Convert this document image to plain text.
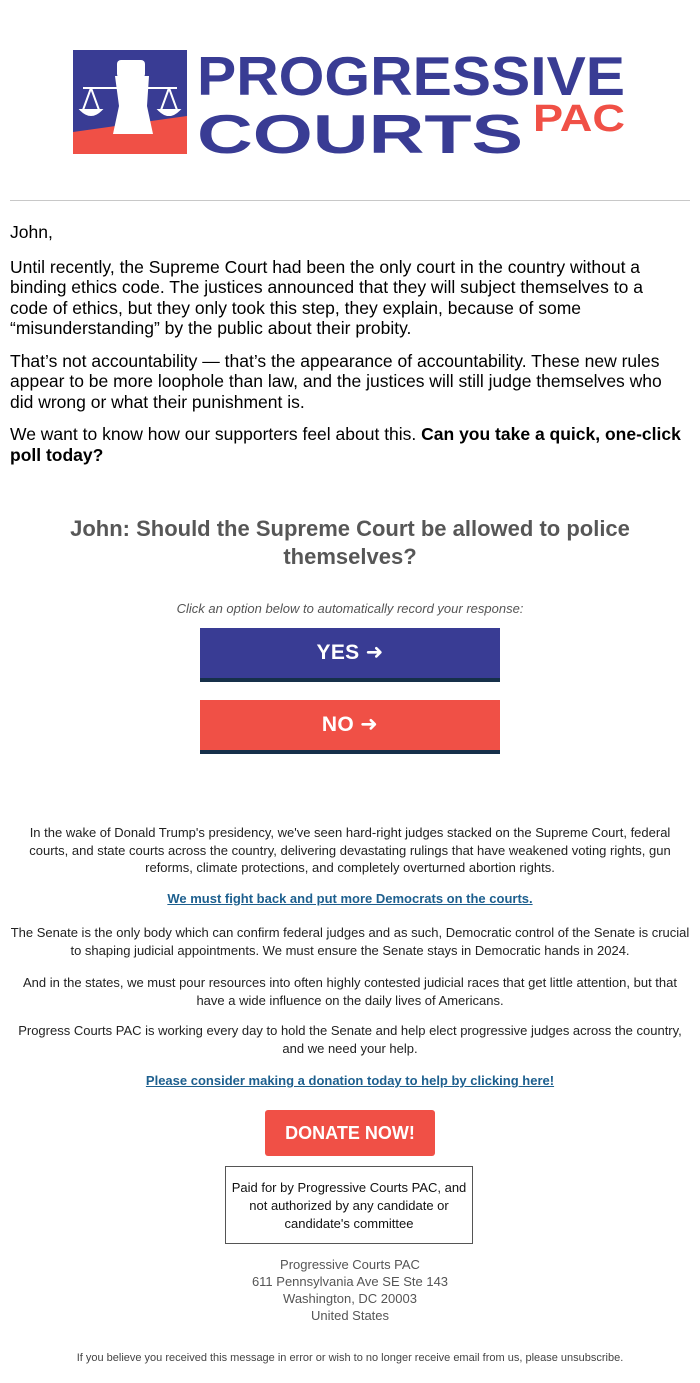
PROGRESSIVE
COURTS PAC

John,

Until recently, the Supreme Court had been the only court in the country without a binding ethics code. The justices announced that they will subject themselves to a code of ethics, but they only took this step, they explain, because of some “misunderstanding” by the public about their probity.

That’s not accountability — that’s the appearance of accountability. These new rules appear to be more loophole than law, and the justices will still judge themselves who did wrong or what their punishment is.

We want to know how our supporters feel about this. Can you take a quick, one-click poll today?

John: Should the Supreme Court be allowed to police themselves?
Click an option below to automatically record your response:
YES ➜
NO ➜
In the wake of Donald Trump's presidency, we've seen hard-right judges stacked on the Supreme Court, federal courts, and state courts across the country, delivering devastating rulings that have weakened voting rights, gun reforms, climate protections, and completely overturned abortion rights.
We must fight back and put more Democrats on the courts.
The Senate is the only body which can confirm federal judges and as such, Democratic control of the Senate is crucial to shaping judicial appointments. We must ensure the Senate stays in Democratic hands in 2024.
And in the states, we must pour resources into often highly contested judicial races that get little attention, but that have a wide influence on the daily lives of Americans.
Progress Courts PAC is working every day to hold the Senate and help elect progressive judges across the country, and we need your help.
Please consider making a donation today to help by clicking here!
DONATE NOW!
Paid for by Progressive Courts PAC, and not authorized by any candidate or candidate's committee
Progressive Courts PAC
611 Pennsylvania Ave SE Ste 143
Washington, DC 20003
United States
If you believe you received this message in error or wish to no longer receive email from us, please unsubscribe.
